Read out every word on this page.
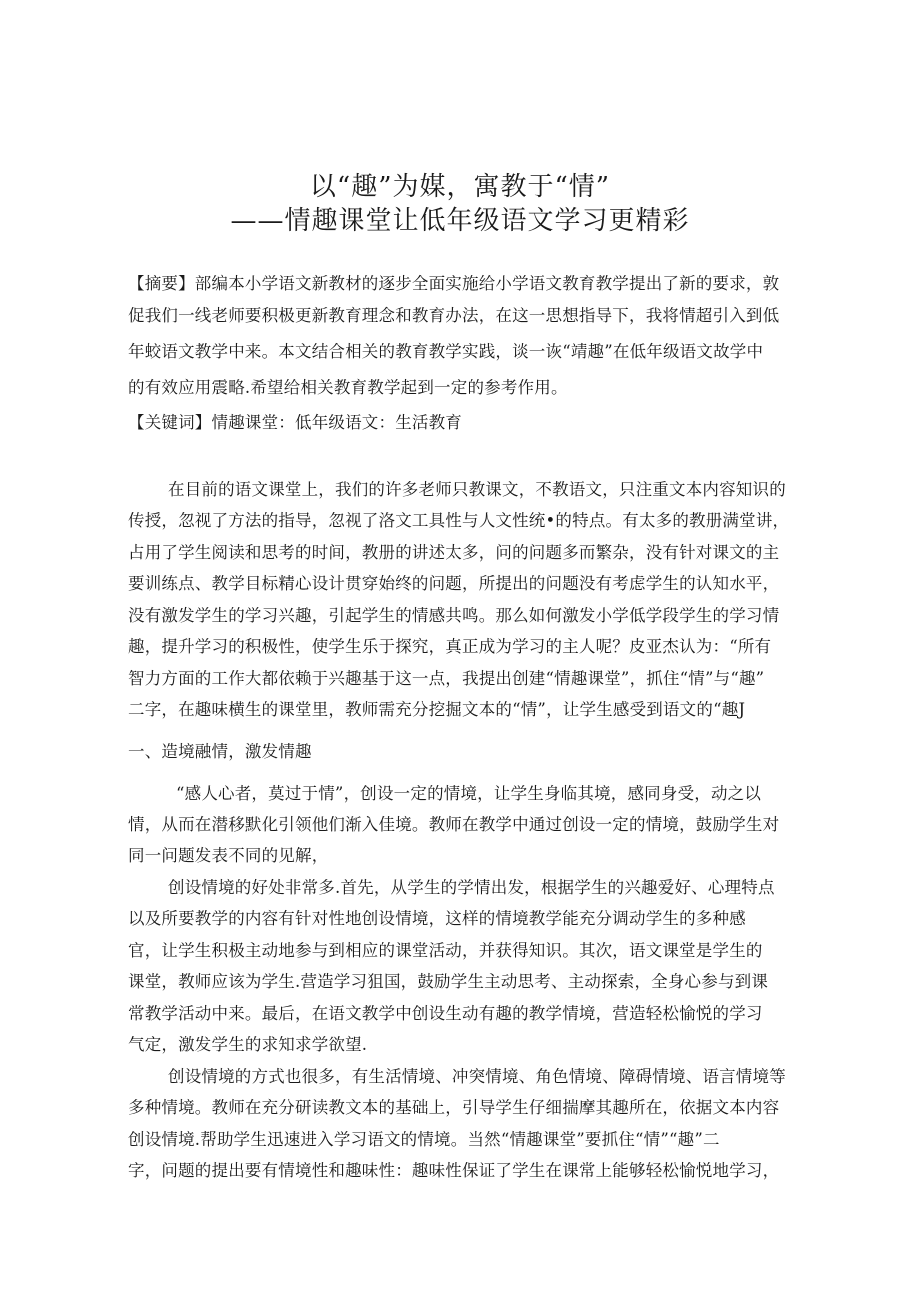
以“趣”为媒，寓教于“情”
——情趣课堂让低年级语文学习更精彩
【摘要】部编本小学语文新教材的逐步全面实施给小学语文教育教学提出了新的要求，敦
促我们一线老师要积极更新教育理念和教育办法，在这一思想指导下，我将情超引入到低
年蛟语文教学中来。本文结合相关的教育教学实践，谈一诙“靖趣”在低年级语文故学中
的有效应用震略.希望给相关教育教学起到一定的参考作用。
【关键词】情趣课堂：低年级语文：生活教育
在目前的语文课堂上，我们的许多老师只教课文，不教语文，只注重文本内容知识的
传授，忽视了方法的指导，忽视了洛文工具性与人文性统•的特点。有太多的教册满堂讲，
占用了学生阅读和思考的时间，教册的讲述太多，问的问题多而繁杂，没有针对课文的主
要训练点、教学目标精心设计贯穿始终的问题，所提出的问题没有考虑学生的认知水平，
没有激发学生的学习兴趣，引起学生的情感共鸣。那么如何激发小学低学段学生的学习情
趣，提升学习的积极性，使学生乐于探究，真正成为学习的主人呢？皮亚杰认为：“所有
智力方面的工作大都依赖于兴趣基于这一点，我提出创建“情趣课堂”，抓住“情”与“趣”
二字，在趣味横生的课堂里，教师需充分挖掘文本的“情”，让学生感受到语文的“趣J
一、造境融情，激发情趣
“感人心者，莫过于情”，创设一定的情境，让学生身临其境，感同身受，动之以
情，从而在潜移默化引领他们渐入佳境。教师在教学中通过创设一定的情境，鼓励学生对
同一问题发表不同的见解，
创设情境的好处非常多.首先，从学生的学情出发，根据学生的兴趣爱好、心理特点
以及所要教学的内容有针对性地创设情境，这样的情境教学能充分调动学生的多种感
官，让学生积极主动地参与到相应的课堂活动，并获得知识。其次，语文课堂是学生的
课堂，教师应该为学生.营造学习狙国，鼓励学生主动思考、主动探索，全身心参与到课
常教学活动中来。最后，在语文教学中创设生动有趣的教学情境，营造轻松愉悦的学习
气定，激发学生的求知求学欲望.
创设情境的方式也很多，有生活情境、冲突情境、角色情境、障碍情境、语言情境等
多种情境。教师在充分研读教文本的基础上，引导学生仔细揣摩其趣所在，依据文本内容
创设情境.帮助学生迅速进入学习语文的情境。当然“情趣课堂”要抓住“情”“趣”二
字，问题的提出要有情境性和趣味性：趣味性保证了学生在课常上能够轻松愉悦地学习，
